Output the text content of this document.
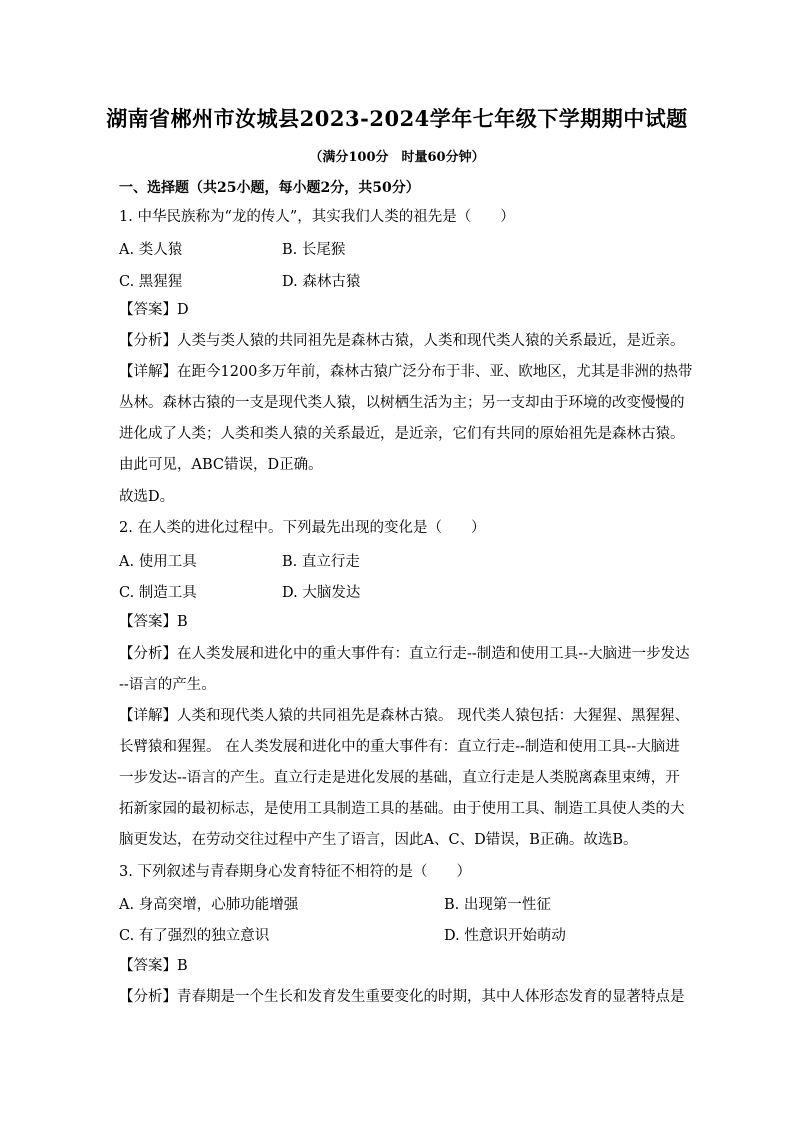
湖南省郴州市汝城县2023-2024学年七年级下学期期中试题
（满分100分　时量60分钟）
一、选择题（共25小题，每小题2分，共50分）
1. 中华民族称为“龙的传人”，其实我们人类的祖先是（　　）
A. 类人猿	B. 长尾猴
C. 黑猩猩	D. 森林古猿
【答案】D
【分析】人类与类人猿的共同祖先是森林古猿，人类和现代类人猿的关系最近，是近亲。
【详解】在距今1200多万年前，森林古猿广泛分布于非、亚、欧地区，尤其是非洲的热带
丛林。森林古猿的一支是现代类人猿，以树栖生活为主；另一支却由于环境的改变慢慢的
进化成了人类；人类和类人猿的关系最近，是近亲，它们有共同的原始祖先是森林古猿。
由此可见，ABC错误，D正确。
故选D。
2. 在人类的进化过程中。下列最先出现的变化是（　　）
A. 使用工具	B. 直立行走
C. 制造工具	D. 大脑发达
【答案】B
【分析】在人类发展和进化中的重大事件有：直立行走--制造和使用工具--大脑进一步发达
--语言的产生。
【详解】人类和现代类人猿的共同祖先是森林古猿。 现代类人猿包括：大猩猩、黑猩猩、
长臂猿和猩猩。 在人类发展和进化中的重大事件有：直立行走--制造和使用工具--大脑进
一步发达--语言的产生。直立行走是进化发展的基础，直立行走是人类脱离森里束缚，开
拓新家园的最初标志，是使用工具制造工具的基础。由于使用工具、制造工具使人类的大
脑更发达，在劳动交往过程中产生了语言，因此A、C、D错误，B正确。故选B。
3. 下列叙述与青春期身心发育特征不相符的是（　　）
A. 身高突增，心肺功能增强	B. 出现第一性征
C. 有了强烈的独立意识	D. 性意识开始萌动
【答案】B
【分析】青春期是一个生长和发育发生重要变化的时期，其中人体形态发育的显著特点是
